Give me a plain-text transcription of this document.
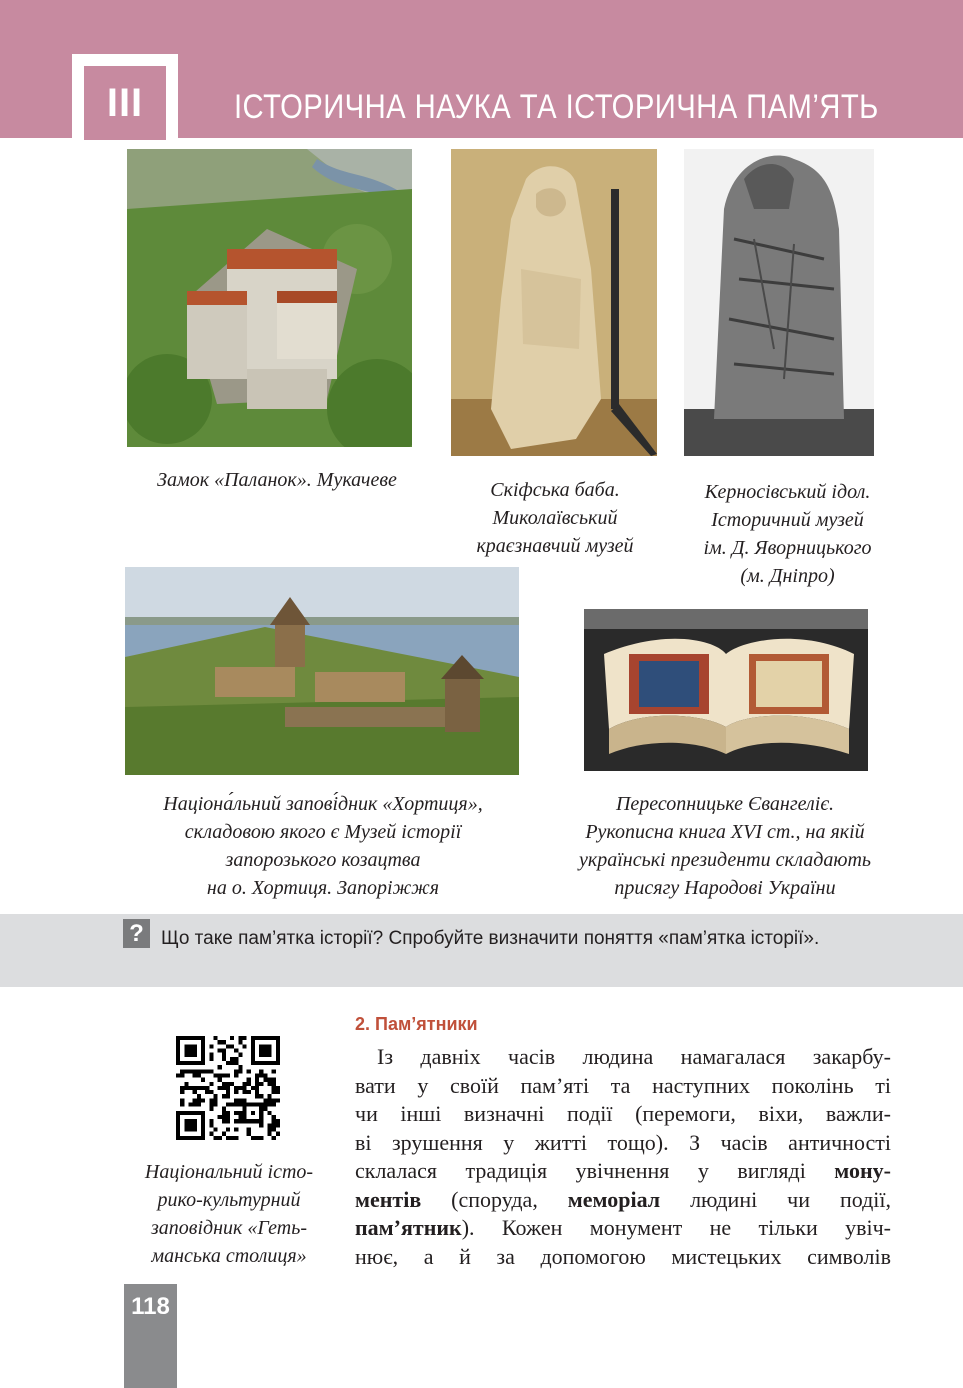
III	ІСТОРИЧНА НАУКА ТА ІСТОРИЧНА ПАМ’ЯТЬ
Замок «Паланок». Мукачеве	Скіфська баба.
Миколаївський
краєзнавчий музей
Керносівський ідол.
Історичний музей
ім. Д. Яворницького
(м. Дніпро)
Націона́льний запові́дник «Хортиця»,
складовою якого є Музей історії
запорозького козацтва
на о. Хортиця. Запоріжжя
Пересопницьке Євангеліє.
Рукописна книга XVI ст., на якій
українські президенти складають
присягу Народові України
? Що таке пам’ятка історії? Спробуйте визначити поняття «пам’ятка історії».
Національний істо-
рико-культурний
заповідник «Геть-
манська столиця»
2. Пам’ятники
Із давніх часів людина намагалася закарбу-
вати у своїй пам’яті та наступних поколінь ті
чи інші визначні події (перемоги, віхи, важли-
ві зрушення у житті тощо). З часів античності
склалася традиція увічнення у вигляді мону-
ментів (споруда, меморіал людині чи події,
пам’ятник). Кожен монумент не тільки увіч-
нює, а й за допомогою мистецьких символів
118
